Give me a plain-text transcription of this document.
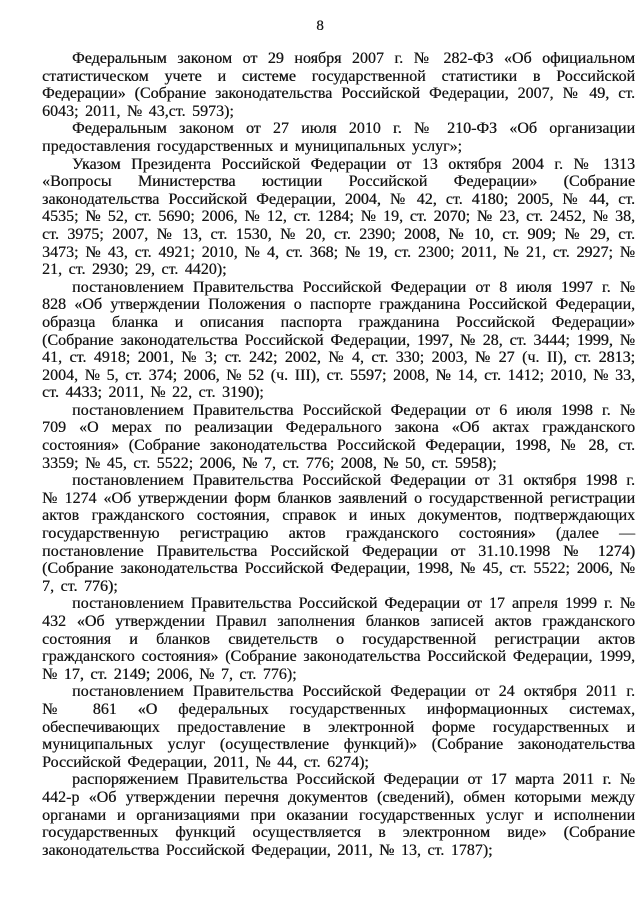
8

Федеральным законом от 29 ноября 2007 г. № 282-ФЗ «Об официальном статистическом учете и системе государственной статистики в Российской Федерации» (Собрание законодательства Российской Федерации, 2007, № 49, ст. 6043; 2011, № 43,ст. 5973);

Федеральным законом от 27 июля 2010 г. № 210-ФЗ «Об организации предоставления государственных и муниципальных услуг»;

Указом Президента Российской Федерации от 13 октября 2004 г. № 1313 «Вопросы Министерства юстиции Российской Федерации» (Собрание законодательства Российской Федерации, 2004, № 42, ст. 4180; 2005, № 44, ст. 4535; № 52, ст. 5690; 2006, № 12, ст. 1284; № 19, ст. 2070; № 23, ст. 2452, № 38, ст. 3975; 2007, № 13, ст. 1530, № 20, ст. 2390; 2008, № 10, ст. 909; № 29, ст. 3473; № 43, ст. 4921; 2010, № 4, ст. 368; № 19, ст. 2300; 2011, № 21, ст. 2927; № 21, ст. 2930; 29, ст. 4420);

постановлением Правительства Российской Федерации от 8 июля 1997 г. № 828 «Об утверждении Положения о паспорте гражданина Российской Федерации, образца бланка и описания паспорта гражданина Российской Федерации» (Собрание законодательства Российской Федерации, 1997, № 28, ст. 3444; 1999, № 41, ст. 4918; 2001, № 3; ст. 242; 2002, № 4, ст. 330; 2003, № 27 (ч. II), ст. 2813; 2004, № 5, ст. 374; 2006, № 52 (ч. III), ст. 5597; 2008, № 14, ст. 1412; 2010, № 33, ст. 4433; 2011, № 22, ст. 3190);

постановлением Правительства Российской Федерации от 6 июля 1998 г. № 709 «О мерах по реализации Федерального закона «Об актах гражданского состояния» (Собрание законодательства Российской Федерации, 1998, № 28, ст. 3359; № 45, ст. 5522; 2006, № 7, ст. 776; 2008, № 50, ст. 5958);

постановлением Правительства Российской Федерации от 31 октября 1998 г. № 1274 «Об утверждении форм бланков заявлений о государственной регистрации актов гражданского состояния, справок и иных документов, подтверждающих государственную регистрацию актов гражданского состояния» (далее — постановление Правительства Российской Федерации от 31.10.1998 № 1274) (Собрание законодательства Российской Федерации, 1998, № 45, ст. 5522; 2006, № 7, ст. 776);

постановлением Правительства Российской Федерации от 17 апреля 1999 г. № 432 «Об утверждении Правил заполнения бланков записей актов гражданского состояния и бланков свидетельств о государственной регистрации актов гражданского состояния» (Собрание законодательства Российской Федерации, 1999, № 17, ст. 2149; 2006, № 7, ст. 776);

постановлением Правительства Российской Федерации от 24 октября 2011 г. № 861 «О федеральных государственных информационных системах, обеспечивающих предоставление в электронной форме государственных и муниципальных услуг (осуществление функций)» (Собрание законодательства Российской Федерации, 2011, № 44, ст. 6274);

распоряжением Правительства Российской Федерации от 17 марта 2011 г. № 442-р «Об утверждении перечня документов (сведений), обмен которыми между органами и организациями при оказании государственных услуг и исполнении государственных функций осуществляется в электронном виде» (Собрание законодательства Российской Федерации, 2011, № 13, ст. 1787);
